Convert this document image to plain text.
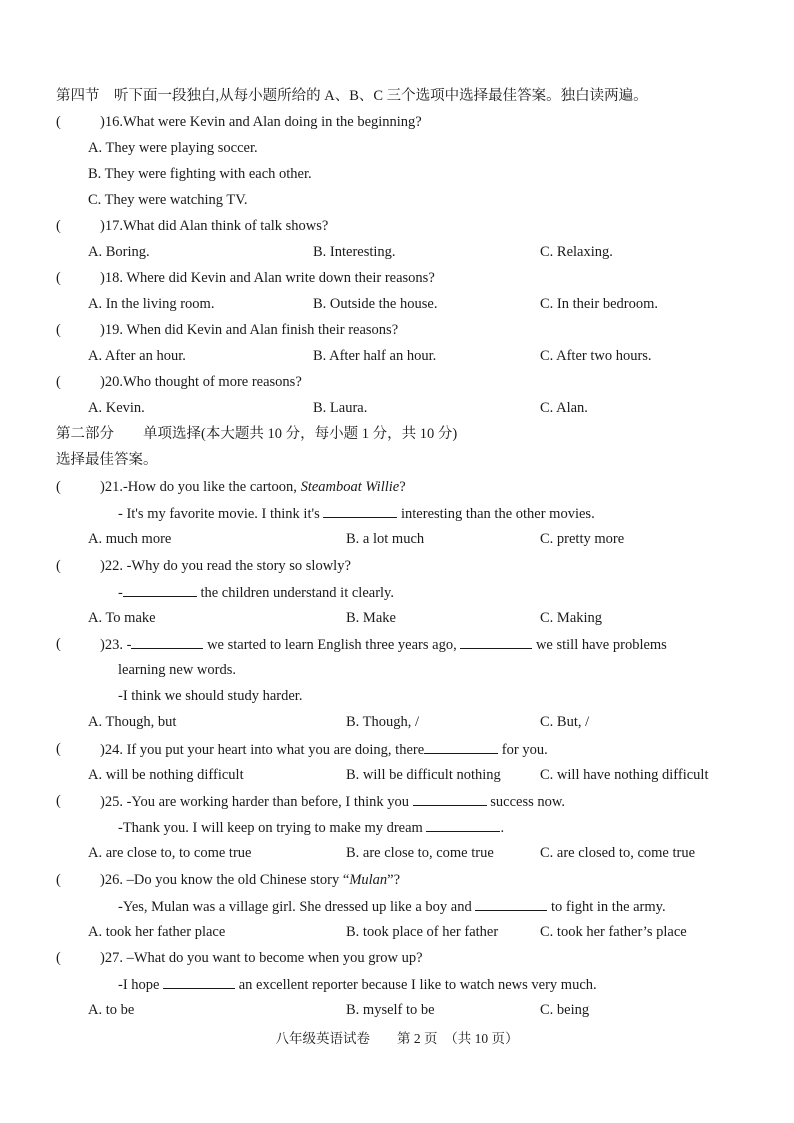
第四节　听下面一段独白,从每小题所给的 A、B、C 三个选项中选择最佳答案。独白读两遍。
(	)16.What were Kevin and Alan doing in the beginning?
A. They were playing soccer.
B. They were fighting with each other.
C. They were watching TV.
(	)17.What did Alan think of talk shows?
A. Boring.	B. Interesting.	C. Relaxing.
(	)18. Where did Kevin and Alan write down their reasons?
A. In the living room.	B. Outside the house.	C. In their bedroom.
(	)19. When did Kevin and Alan finish their reasons?
A. After an hour.	B. After half an hour.	C. After two hours.
(	)20.Who thought of more reasons?
A. Kevin.	B. Laura.	C. Alan.
第二部分　　单项选择(本大题共 10 分，每小题 1 分，共 10 分)
选择最佳答案。
(	)21.-How do you like the cartoon, Steamboat Willie?
- It's my favorite movie. I think it's	interesting than the other movies.
A. much more	B. a lot much	C. pretty more
(	)22. -Why do you read the story so slowly?
-	the children understand it clearly.
A. To make	B. Make	C. Making
(	)23. -	we started to learn English three years ago,	we still have problems
learning new words.
-I think we should study harder.
A. Though, but	B. Though, /	C. But, /
(	)24. If you put your heart into what you are doing, there	for you.
A. will be nothing difficult	B. will be difficult nothing	C. will have nothing difficult
(	)25. -You are working harder than before, I think you	success now.
-Thank you. I will keep on trying to make my dream	.
A. are close to, to come true	B. are close to, come true	C. are closed to, come true
(	)26. –Do you know the old Chinese story “Mulan”?
-Yes, Mulan was a village girl. She dressed up like a boy and	to fight in the army.
A. took her father place	B. took place of her father	C. took her father’s place
(	)27. –What do you want to become when you grow up?
-I hope	an excellent reporter because I like to watch news very much.
A. to be	B. myself to be	C. being
八年级英语试卷　　第 2 页　（共 10 页）
